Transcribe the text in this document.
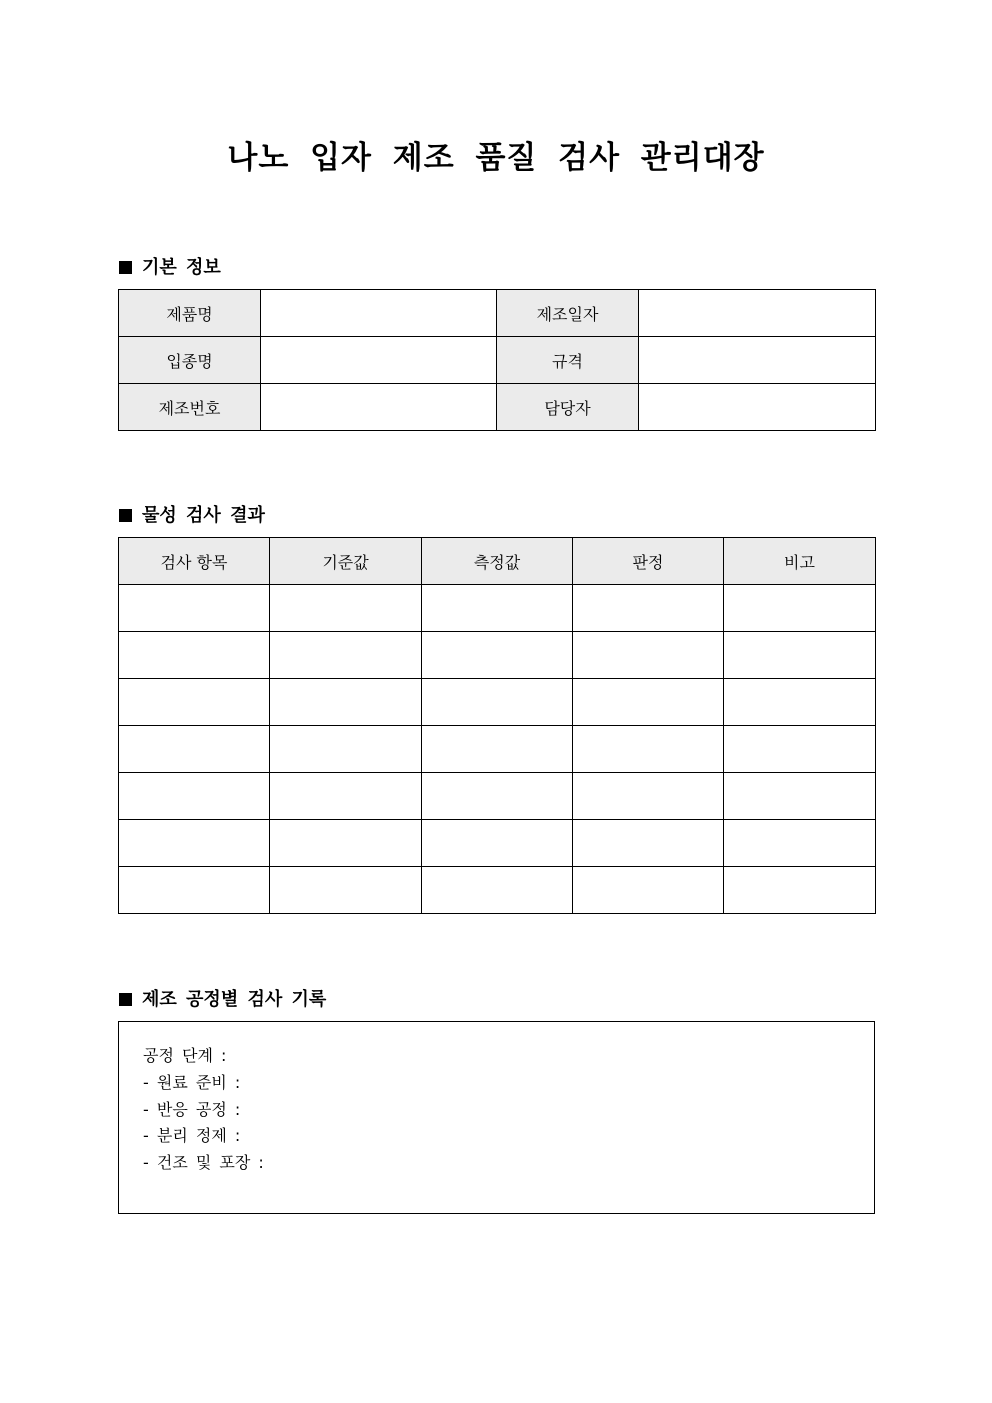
나노 입자 제조 품질 검사 관리대장
기본 정보
제품명		제조일자	
입종명		규격	
제조번호		담당자	
물성 검사 결과
검사 항목	기준값	측정값	판정	비고

제조 공정별 검사 기록
공정 단계 :
- 원료 준비 :
- 반응 공정 :
- 분리 정제 :
- 건조 및 포장 :
